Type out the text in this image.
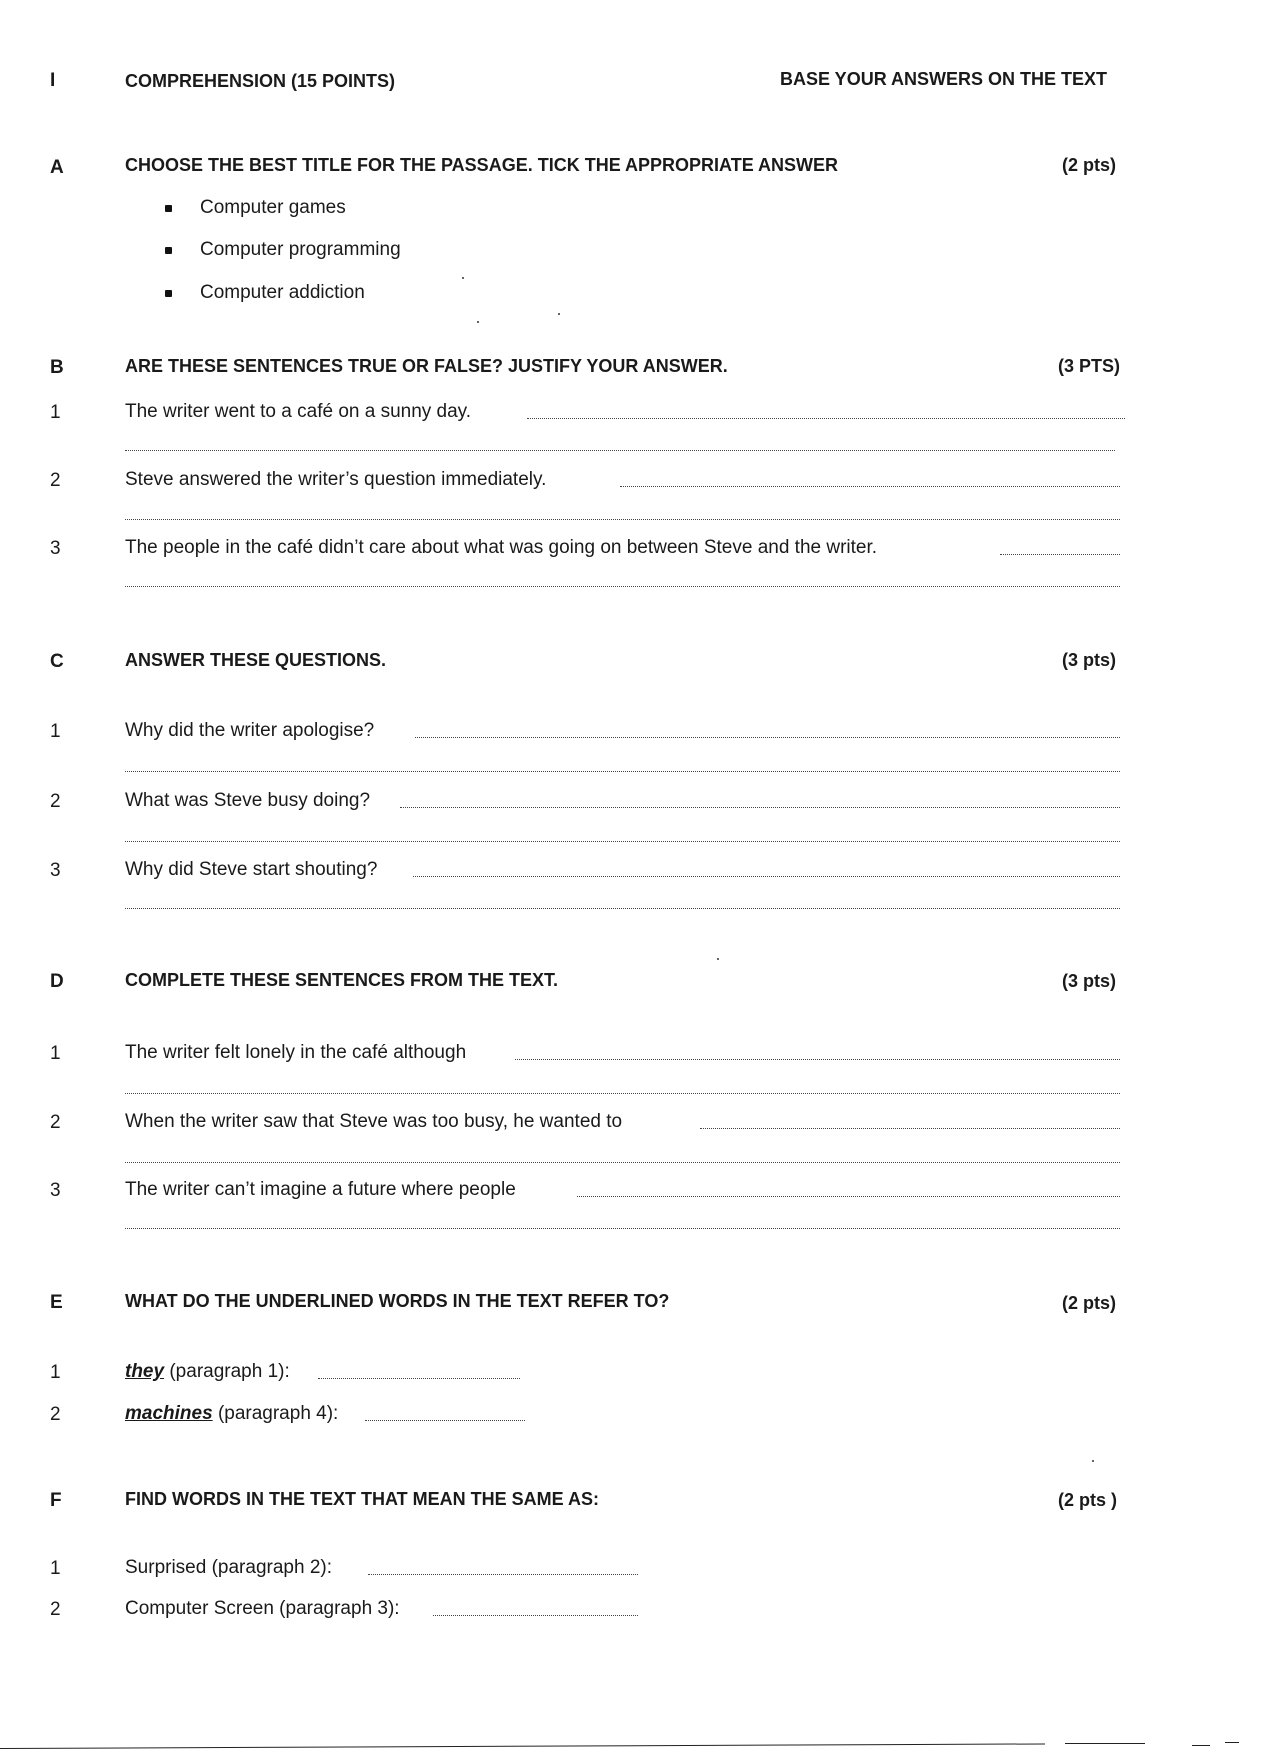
I	COMPREHENSION (15 POINTS)	BASE YOUR ANSWERS ON THE TEXT
A	CHOOSE THE BEST TITLE FOR THE PASSAGE. TICK THE APPROPRIATE ANSWER	(2 pts)
Computer games
Computer programming
Computer addiction
B	ARE THESE SENTENCES TRUE OR FALSE? JUSTIFY YOUR ANSWER.	(3 PTS)
1	The writer went to a café on a sunny day.
2	Steve answered the writer’s question immediately.
3	The people in the café didn’t care about what was going on between Steve and the writer.
C	ANSWER THESE QUESTIONS.	(3 pts)
1	Why did the writer apologise?
2	What was Steve busy doing?
3	Why did Steve start shouting?
D	COMPLETE THESE SENTENCES FROM THE TEXT.	(3 pts)
1	The writer felt lonely in the café although
2	When the writer saw that Steve was too busy, he wanted to
3	The writer can’t imagine a future where people
E	WHAT DO THE UNDERLINED WORDS IN THE TEXT REFER TO?	(2 pts)
1	they (paragraph 1):
2	machines (paragraph 4):
F	FIND WORDS IN THE TEXT THAT MEAN THE SAME AS:	(2 pts )
1	Surprised (paragraph 2):
2	Computer Screen (paragraph 3):
